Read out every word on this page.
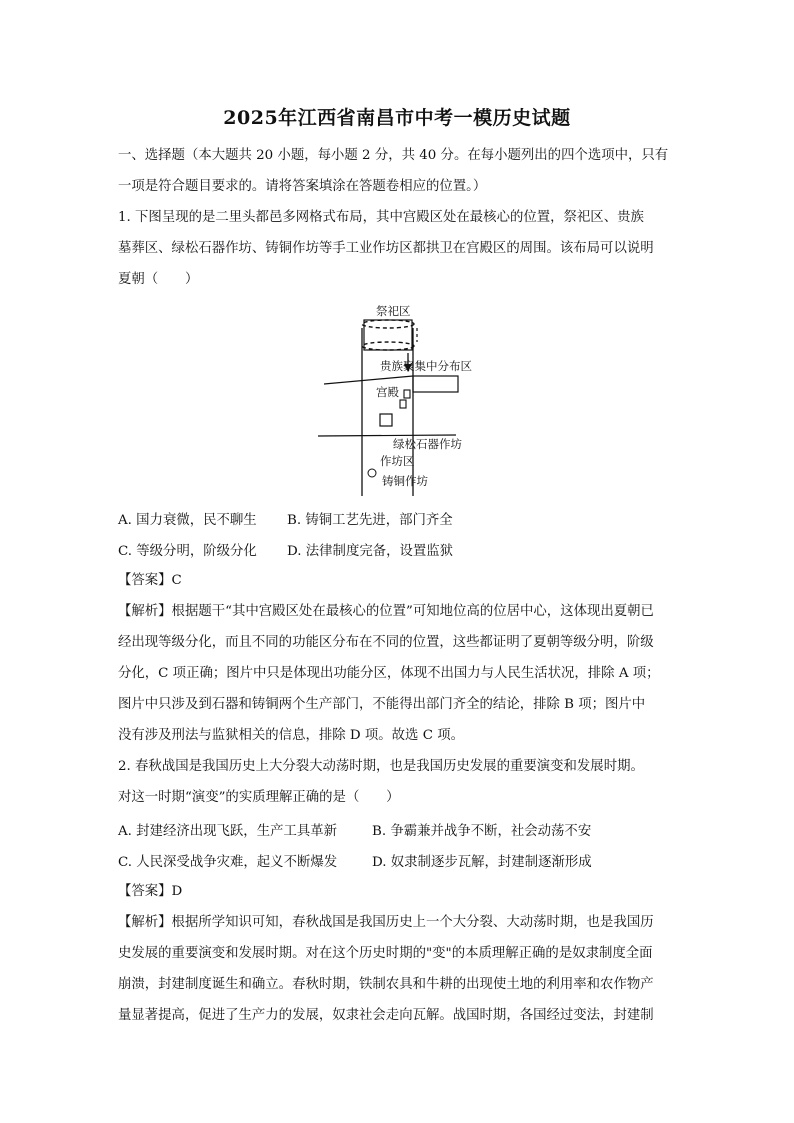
2025年江西省南昌市中考一模历史试题
一、选择题（本大题共 20 小题，每小题 2 分，共 40 分。在每小题列出的四个选项中，只有
一项是符合题目要求的。请将答案填涂在答题卷相应的位置。）
1. 下图呈现的是二里头都邑多网格式布局，其中宫殿区处在最核心的位置，祭祀区、贵族
墓葬区、绿松石器作坊、铸铜作坊等手工业作坊区都拱卫在宫殿区的周围。该布局可以说明
夏朝（　　）
祭祀区
贵族聚集中分布区
宫殿
绿松石器作坊
作坊区
铸铜作坊
A. 国力衰微，民不聊生 B. 铸铜工艺先进，部门齐全
C. 等级分明，阶级分化 D. 法律制度完备，设置监狱
【答案】C
【解析】根据题干“其中宫殿区处在最核心的位置”可知地位高的位居中心，这体现出夏朝已
经出现等级分化，而且不同的功能区分布在不同的位置，这些都证明了夏朝等级分明，阶级
分化，C 项正确；图片中只是体现出功能分区，体现不出国力与人民生活状况，排除 A 项；
图片中只涉及到石器和铸铜两个生产部门，不能得出部门齐全的结论，排除 B 项；图片中
没有涉及刑法与监狱相关的信息，排除 D 项。故选 C 项。
2. 春秋战国是我国历史上大分裂大动荡时期，也是我国历史发展的重要演变和发展时期。
对这一时期“演变”的实质理解正确的是（　　）
A. 封建经济出现飞跃，生产工具革新	B. 争霸兼并战争不断，社会动荡不安
C. 人民深受战争灾难，起义不断爆发	D. 奴隶制逐步瓦解，封建制逐渐形成
【答案】D
【解析】根据所学知识可知，春秋战国是我国历史上一个大分裂、大动荡时期，也是我国历
史发展的重要演变和发展时期。对在这个历史时期的"变"的本质理解正确的是奴隶制度全面
崩溃，封建制度诞生和确立。春秋时期，铁制农具和牛耕的出现使土地的利用率和农作物产
量显著提高，促进了生产力的发展，奴隶社会走向瓦解。战国时期，各国经过变法，封建制
